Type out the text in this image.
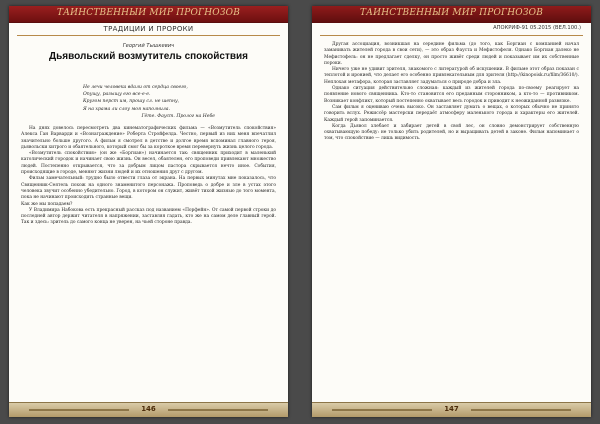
ТАИНСТВЕННЫЙ МИР ПРОГНОЗОВ
ТРАДИЦИИ И ПРОРОКИ
Георгий Тышкевич
Дьявольский возмутитель спокойствия
Не лечи человека вдали от сердца своего,
Опущу, разыщу его все-е-е.
Кругом перст им, прошу сл. не шепну,
Я на храма ли слоу моя наполнила.
Гёте. Фауст. Пролог на Небе

На днях довелось пересмотреть два кинематографических фильма — «Возмутитель спокойствия» Алекса Ган Варварди и «Вознаграждение» Роберта Стройфелда. Честно, первый из них меня впечатлил значительно больше другого. А фильм я смотрел в детстве и долгое время вспоминал главного героя, дьявольски хитрого и обаятельного, который смог бы за короткое время перевернуть жизнь целого города.

«Возмутитель спокойствия» (он же «Боргиан») начинается так: священник приходит в маленький католический городок и начинает свою жизнь. Он весел, обаятелен, его проповеди привлекают множество людей. Постепенно открывается, что за добрым лицом пастора скрывается нечто иное. События, происходящие в городе, меняют жизни людей и их отношения друг с другом.

Фильм замечательный: трудно было отвести глаза от экрана. На первых минутах мне показалось, что Священник-Сеятель похож на одного знаменитого персонажа. Проповедь о добре и зле в устах этого человека звучит особенно убедительно. Город, в котором он служит, живёт тихой жизнью до того момента, пока не начинают происходить странные вещи.

Как же мы попадаем?

У Владимира Набокова есть прекрасный рассказ под названием «Порфейн». От самой первой строки до последней автор держит читателя в напряжении, заставляя гадать, кто же на самом деле главный герой. Так и здесь: зритель до самого конца не уверен, на чьей стороне правда.

146
ТАИНСТВЕННЫЙ МИР ПРОГНОЗОВ
АПОКРИФ-91 05.2015 (ВЕЛ.100.)

Другая ассоциация, возникшая на середине фильма (до того, как Боргиан с компанией начал заманивать жителей города в свои сети), — это образ Фауста и Мефистофеля. Однако Боргиан далеко не Мефистофель: он не предлагает сделку, он просто живёт среди людей и показывает им их собственные пороки.

Ничего уже не удивит зрителя, знакомого с литературой об искушении. В фильме этот образ показан с теплотой и иронией, что делает его особенно привлекательным для зрителя (http://kinopoisk.ru/film/36610/). Неплохая метафора, которая заставляет задуматься о природе добра и зла.

Однако ситуация действительно сложная: каждый из жителей города по-своему реагирует на появление нового священника. Кто-то становится его преданным сторонником, а кто-то — противником. Возникает конфликт, который постепенно охватывает весь городок и приводит к неожиданной развязке.

Сам фильм я оцениваю очень высоко. Он заставляет думать о вещах, о которых обычно не принято говорить вслух. Режиссёр мастерски передаёт атмосферу маленького города и характеры его жителей. Каждый герой запоминается.

Когда Дьявол хлебает и забирает детей в свой лес, он словно демонстрирует собственную охватывающую победу: не только убить родителей, но и выращивать детей в законе. Фильм напоминает о том, что спокойствие — лишь видимость.

147
